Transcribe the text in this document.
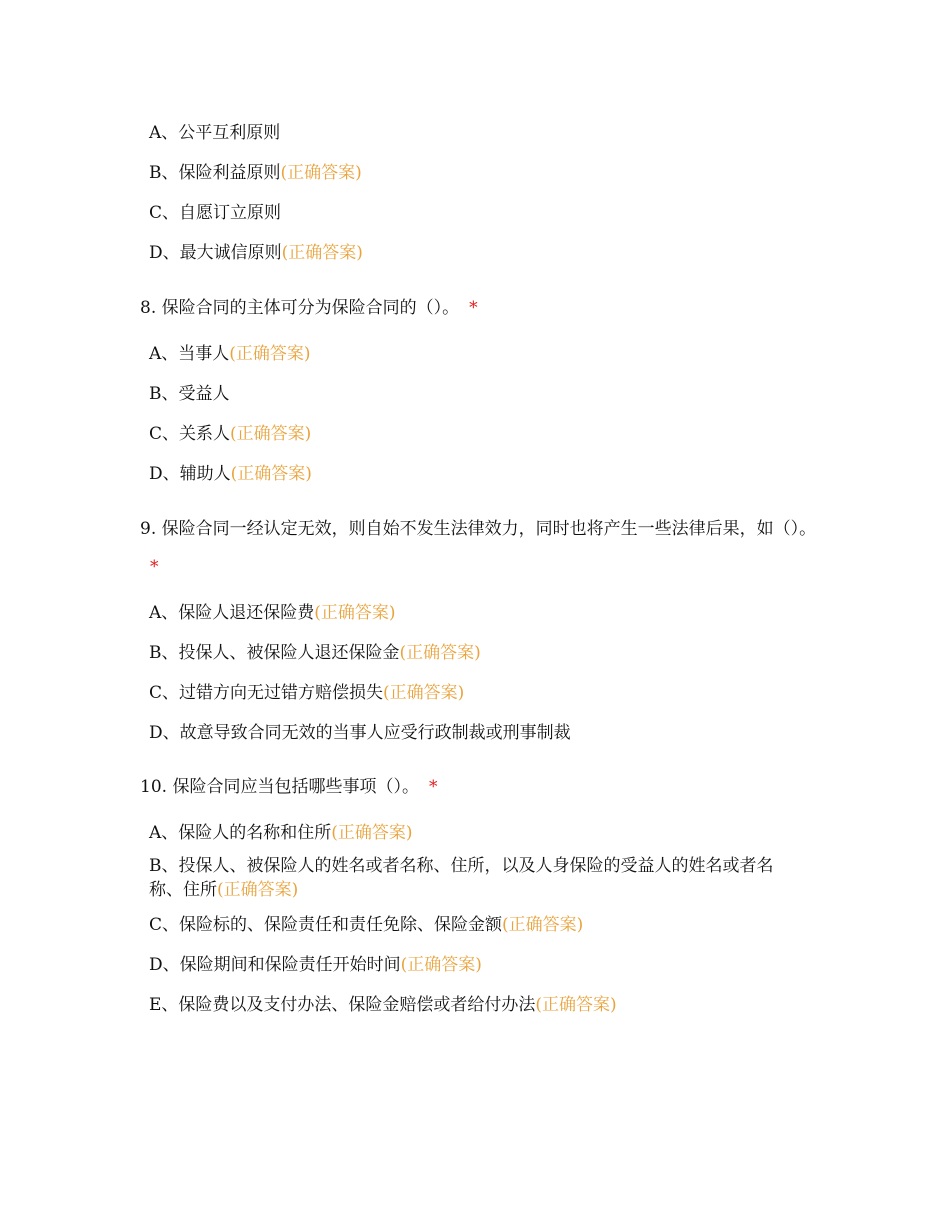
A、公平互利原则
B、保险利益原则(正确答案)
C、自愿订立原则
D、最大诚信原则(正确答案)
8. 保险合同的主体可分为保险合同的（）。 *
A、当事人(正确答案)
B、受益人
C、关系人(正确答案)
D、辅助人(正确答案)
9. 保险合同一经认定无效，则自始不发生法律效力，同时也将产生一些法律后果，如（）。*
A、保险人退还保险费(正确答案)
B、投保人、被保险人退还保险金(正确答案)
C、过错方向无过错方赔偿损失(正确答案)
D、故意导致合同无效的当事人应受行政制裁或刑事制裁
10. 保险合同应当包括哪些事项（）。 *
A、保险人的名称和住所(正确答案)
B、投保人、被保险人的姓名或者名称、住所，以及人身保险的受益人的姓名或者名称、住所(正确答案)
C、保险标的、保险责任和责任免除、保险金额(正确答案)
D、保险期间和保险责任开始时间(正确答案)
E、保险费以及支付办法、保险金赔偿或者给付办法(正确答案)
